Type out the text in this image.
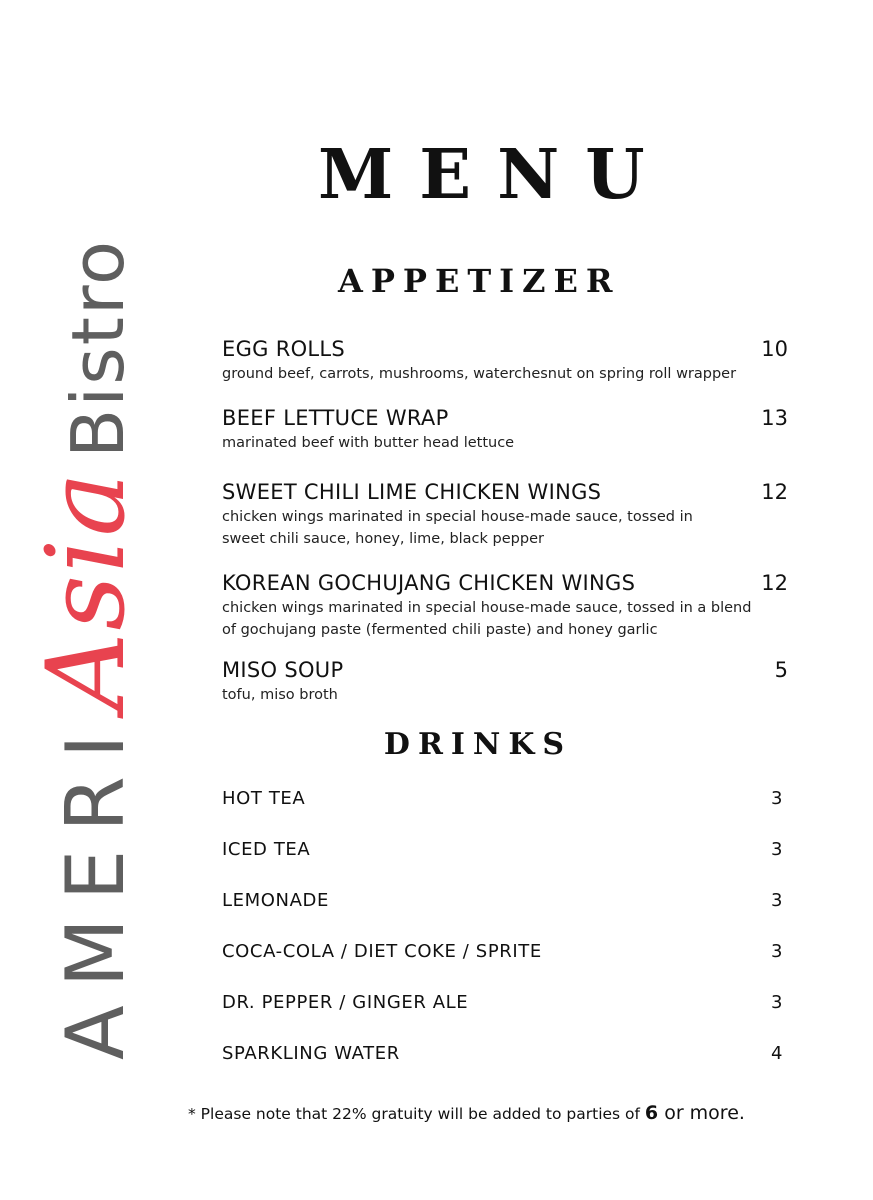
AMERI
Asia
Bistro
MENU
APPETIZER
EGG ROLLS	10
ground beef, carrots, mushrooms, waterchesnut on spring roll wrapper
BEEF LETTUCE WRAP	13
marinated beef with butter head lettuce
SWEET CHILI LIME CHICKEN WINGS	12
chicken wings marinated in special house-made sauce, tossed in
sweet chili sauce, honey, lime, black pepper
KOREAN GOCHUJANG CHICKEN WINGS	12
chicken wings marinated in special house-made sauce, tossed in a blend
of gochujang paste (fermented chili paste) and honey garlic
MISO SOUP	5
tofu, miso broth
DRINKS
HOT TEA	3
ICED TEA	3
LEMONADE	3
COCA-COLA / DIET COKE / SPRITE	3
DR. PEPPER / GINGER ALE	3
SPARKLING WATER	4
* Please note that 22% gratuity will be added to parties of 6 or more.
